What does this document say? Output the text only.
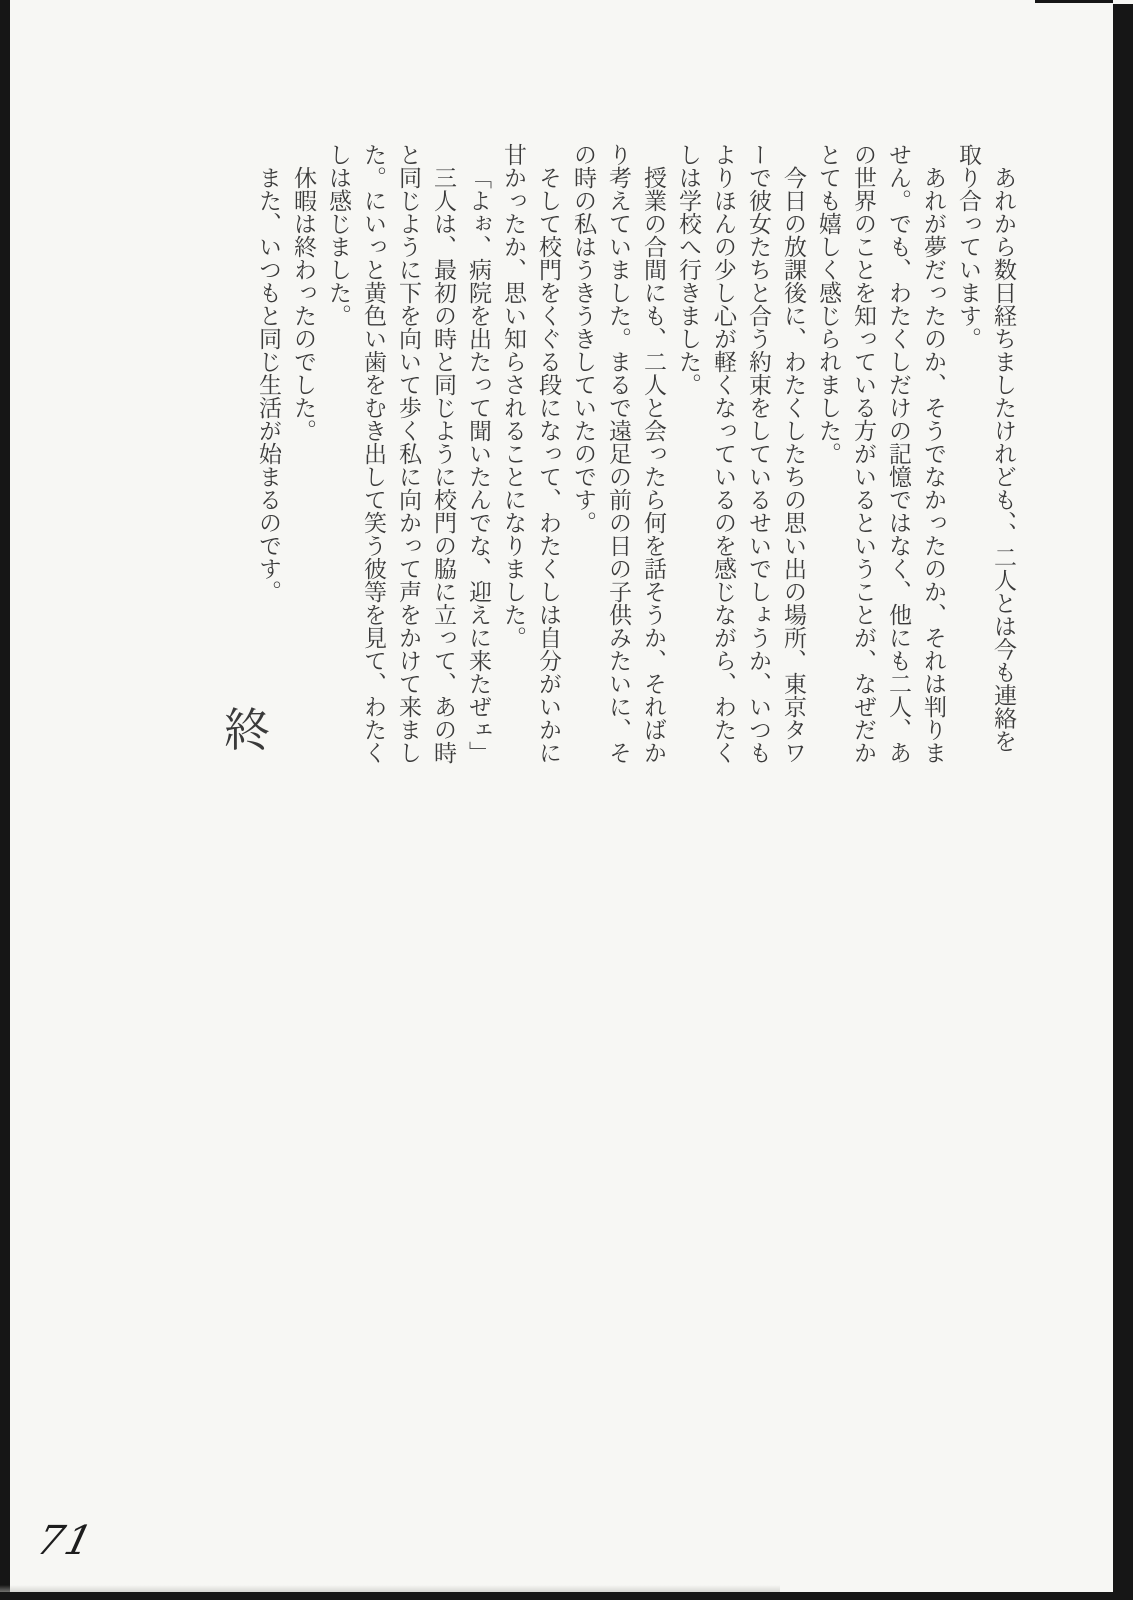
あれから数日経ちましたけれども、、二人とは今も連絡を取り合っています。

あれが夢だったのか、そうでなかったのか、それは判りません。でも、わたくしだけの記憶ではなく、他にも二人、あの世界のことを知っている方がいるということが、なぜだかとても嬉しく感じられました。

今日の放課後に、わたくしたちの思い出の場所、東京タワーで彼女たちと合う約束をしているせいでしょうか、いつもよりほんの少し心が軽くなっているのを感じながら、わたくしは学校へ行きました。

授業の合間にも、二人と会ったら何を話そうか、そればかり考えていました。まるで遠足の前の日の子供みたいに、その時の私はうきうきしていたのです。

そして校門をくぐる段になって、わたくしは自分がいかに甘かったか、思い知らされることになりました。

「よぉ、病院を出たって聞いたんでな、迎えに来たぜェ」

三人は、最初の時と同じように校門の脇に立って、あの時と同じように下を向いて歩く私に向かって声をかけて来ました。にいっと黄色い歯をむき出して笑う彼等を見て、わたくしは感じました。

休暇は終わったのでした。

また、いつもと同じ生活が始まるのです。

終
71
